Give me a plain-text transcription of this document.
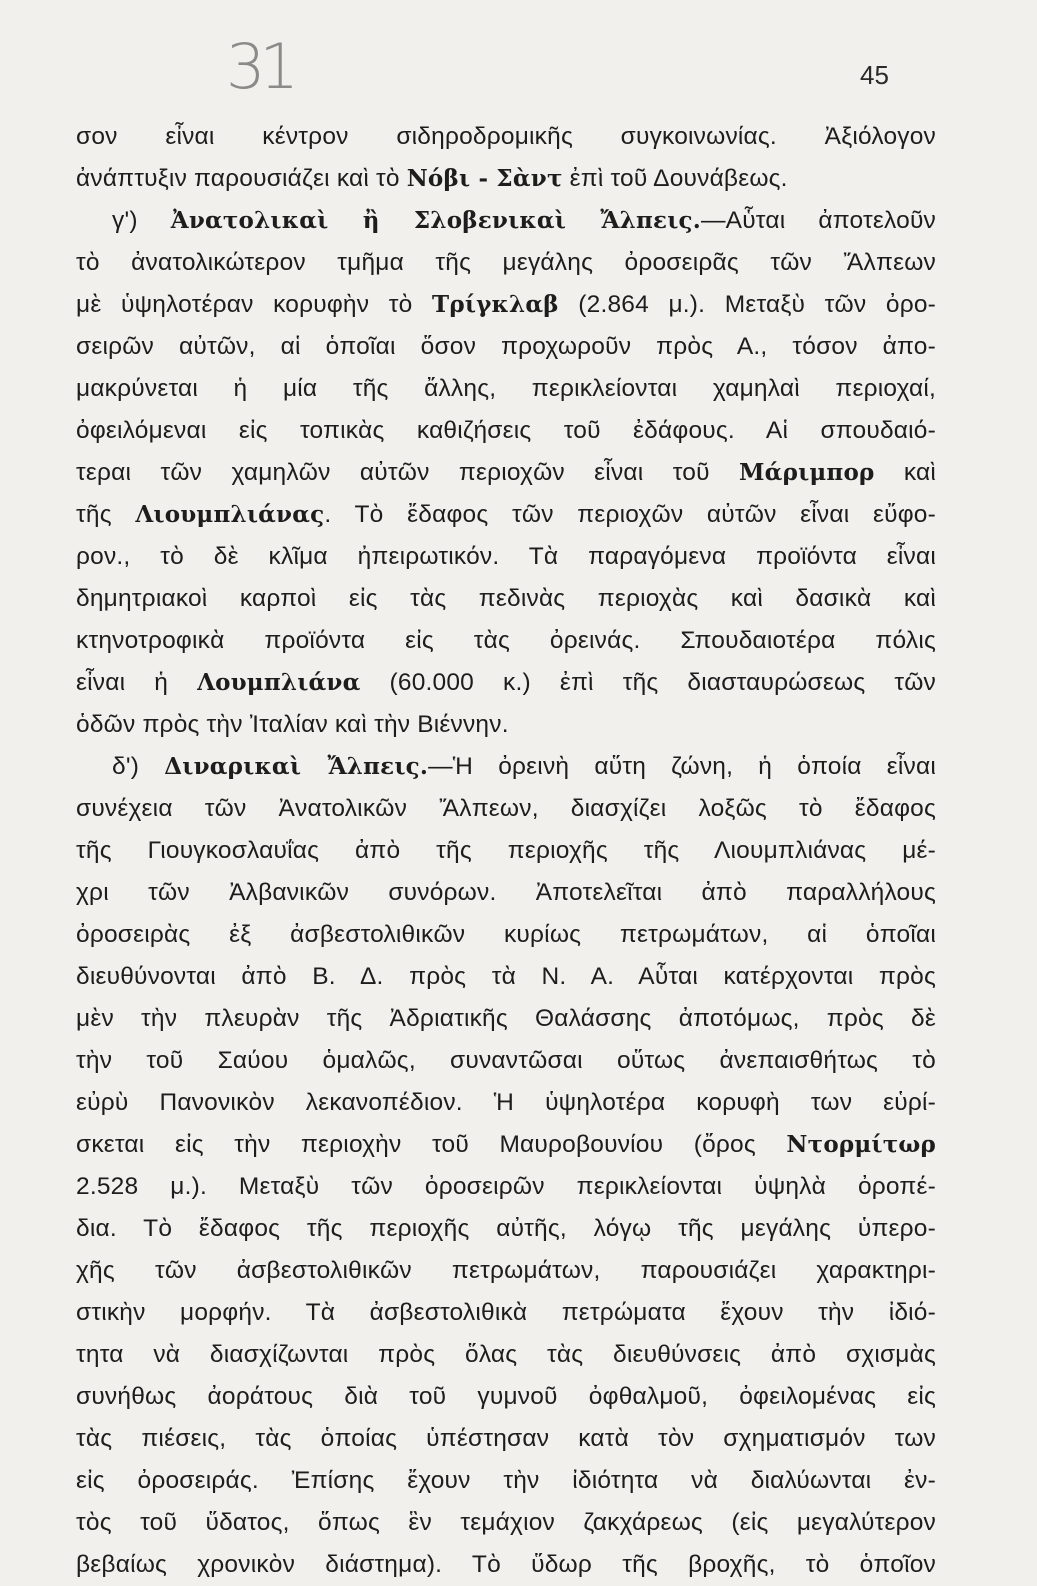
31	45
σον εἶναι κέντρον σιδηροδρομικῆς συγκοινωνίας. Ἀξιόλογον
ἀνάπτυξιν παρουσιάζει καὶ τὸ Νόβι - Σὰντ ἐπὶ τοῦ Δουνάβεως.
γ') Ἀνατολικαὶ ἢ Σλοβενικαὶ Ἄλπεις.—Αὗται ἀποτελοῦν
τὸ ἀνατολικώτερον τμῆμα τῆς μεγάλης ὀροσειρᾶς τῶν Ἄλπεων
μὲ ὑψηλοτέραν κορυφὴν τὸ Τρίγκλαβ (2.864 μ.). Μεταξὺ τῶν ὀρο-
σειρῶν αὐτῶν, αἱ ὁποῖαι ὅσον προχωροῦν πρὸς Α., τόσον ἀπο-
μακρύνεται ἡ μία τῆς ἄλλης, περικλείονται χαμηλαὶ περιοχαί,
ὀφειλόμεναι εἰς τοπικὰς καθιζήσεις τοῦ ἐδάφους. Αἱ σπουδαιό-
τεραι τῶν χαμηλῶν αὐτῶν περιοχῶν εἶναι τοῦ Μάριμπορ καὶ
τῆς Λιουμπλιάνας. Τὸ ἔδαφος τῶν περιοχῶν αὐτῶν εἶναι εὔφο-
ρον., τὸ δὲ κλῖμα ἠπειρωτικόν. Τὰ παραγόμενα προϊόντα εἶναι
δημητριακοὶ καρποὶ εἰς τὰς πεδινὰς περιοχὰς καὶ δασικὰ καὶ
κτηνοτροφικὰ προϊόντα εἰς τὰς ὀρεινάς. Σπουδαιοτέρα πόλις
εἶναι ἡ Λουμπλιάνα (60.000 κ.) ἐπὶ τῆς διασταυρώσεως τῶν
ὁδῶν πρὸς τὴν Ἰταλίαν καὶ τὴν Βιέννην.
δ') Διναρικαὶ Ἄλπεις.—Ἡ ὀρεινὴ αὕτη ζώνη, ἡ ὁποία εἶναι
συνέχεια τῶν Ἀνατολικῶν Ἄλπεων, διασχίζει λοξῶς τὸ ἔδαφος
τῆς Γιουγκοσλαυΐας ἀπὸ τῆς περιοχῆς τῆς Λιουμπλιάνας μέ-
χρι τῶν Ἀλβανικῶν συνόρων. Ἀποτελεῖται ἀπὸ παραλλήλους
ὀροσειρὰς ἐξ ἀσβεστολιθικῶν κυρίως πετρωμάτων, αἱ ὁποῖαι
διευθύνονται ἀπὸ Β. Δ. πρὸς τὰ Ν. Α. Αὗται κατέρχονται πρὸς
μὲν τὴν πλευρὰν τῆς Ἀδριατικῆς Θαλάσσης ἀποτόμως, πρὸς δὲ
τὴν τοῦ Σαύου ὁμαλῶς, συναντῶσαι οὕτως ἀνεπαισθήτως τὸ
εὐρὺ Πανονικὸν λεκανοπέδιον. Ἡ ὑψηλοτέρα κορυφὴ των εὑρί-
σκεται εἰς τὴν περιοχὴν τοῦ Μαυροβουνίου (ὄρος Ντορμίτωρ
2.528 μ.). Μεταξὺ τῶν ὀροσειρῶν περικλείονται ὑψηλὰ ὀροπέ-
δια. Τὸ ἔδαφος τῆς περιοχῆς αὐτῆς, λόγῳ τῆς μεγάλης ὑπερο-
χῆς τῶν ἀσβεστολιθικῶν πετρωμάτων, παρουσιάζει χαρακτηρι-
στικὴν μορφήν. Τὰ ἀσβεστολιθικὰ πετρώματα ἔχουν τὴν ἰδιό-
τητα νὰ διασχίζωνται πρὸς ὅλας τὰς διευθύνσεις ἀπὸ σχισμὰς
συνήθως ἀοράτους διὰ τοῦ γυμνοῦ ὀφθαλμοῦ, ὀφειλομένας εἰς
τὰς πιέσεις, τὰς ὁποίας ὑπέστησαν κατὰ τὸν σχηματισμόν των
εἰς ὀροσειράς. Ἐπίσης ἔχουν τὴν ἰδιότητα νὰ διαλύωνται ἐν-
τὸς τοῦ ὕδατος, ὅπως ἓν τεμάχιον ζακχάρεως (εἰς μεγαλύτερον
βεβαίως χρονικὸν διάστημα). Τὸ ὕδωρ τῆς βροχῆς, τὸ ὁποῖον
